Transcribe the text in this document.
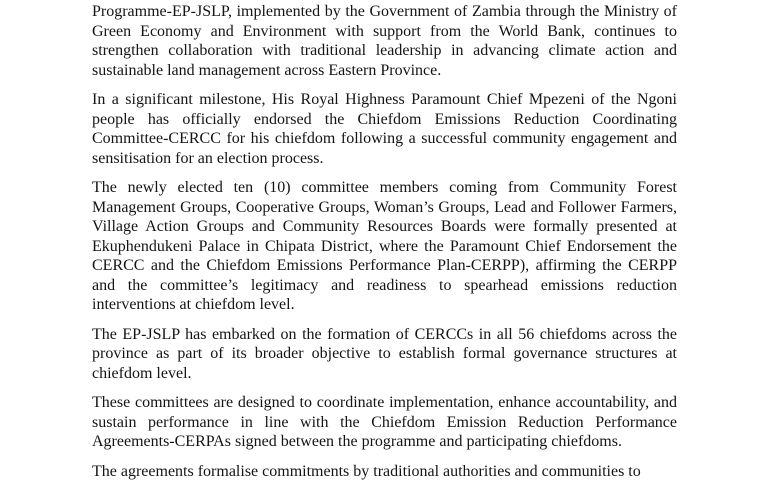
Programme-EP-JSLP, implemented by the Government of Zambia through the Ministry of Green Economy and Environment with support from the World Bank, continues to strengthen collaboration with traditional leadership in advancing climate action and sustainable land management across Eastern Province.

In a significant milestone, His Royal Highness Paramount Chief Mpezeni of the Ngoni people has officially endorsed the Chiefdom Emissions Reduction Coordinating Committee-CERCC for his chiefdom following a successful community engagement and sensitisation for an election process.

The newly elected ten (10) committee members coming from Community Forest Management Groups, Cooperative Groups, Woman’s Groups, Lead and Follower Farmers, Village Action Groups and Community Resources Boards were formally presented at Ekuphendukeni Palace in Chipata District, where the Paramount Chief Endorsement the CERCC and the Chiefdom Emissions Performance Plan-CERPP), affirming the CERPP and the committee’s legitimacy and readiness to spearhead emissions reduction interventions at chiefdom level.

The EP-JSLP has embarked on the formation of CERCCs in all 56 chiefdoms across the province as part of its broader objective to establish formal governance structures at chiefdom level.

These committees are designed to coordinate implementation, enhance accountability, and sustain performance in line with the Chiefdom Emission Reduction Performance Agreements-CERPAs signed between the programme and participating chiefdoms.

The agreements formalise commitments by traditional authorities and communities to
